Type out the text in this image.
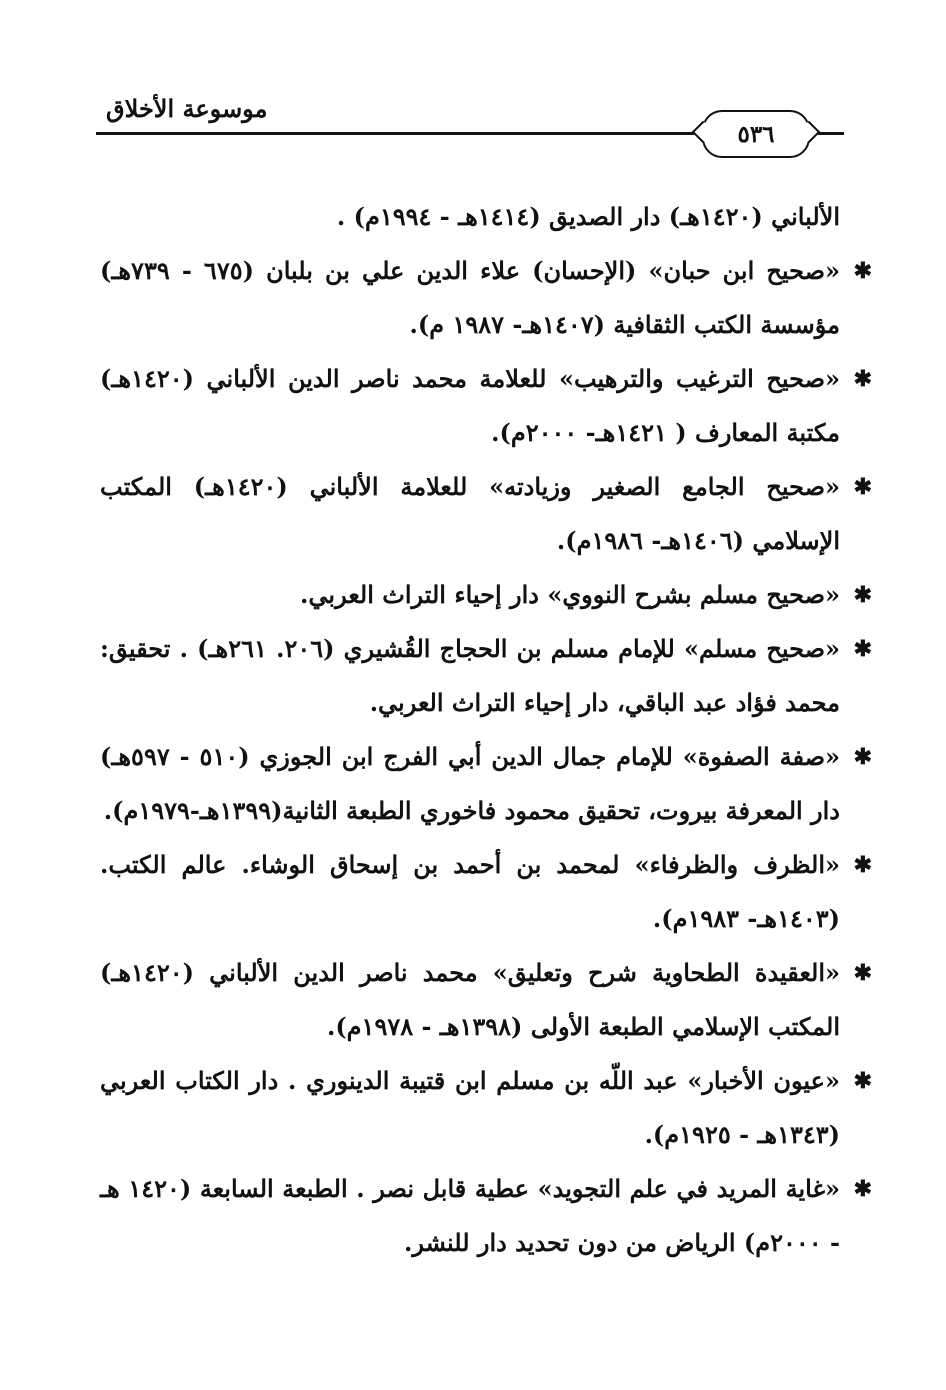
موسوعة الأخلاق
٥٣٦
الألباني (١٤٢٠هـ) دار الصديق (١٤١٤هـ - ١٩٩٤م) .
✱
«صحيح ابن حبان» (الإحسان) علاء الدين علي بن بلبان (٦٧٥ - ٧٣٩هـ) مؤسسة الكتب الثقافية (١٤٠٧هـ- ١٩٨٧ م).
✱
«صحيح الترغيب والترهيب» للعلامة محمد ناصر الدين الألباني (١٤٢٠هـ) مكتبة المعارف ( ١٤٢١هـ- ٢٠٠٠م).
✱
«صحيح الجامع الصغير وزيادته» للعلامة الألباني (١٤٢٠هـ) المكتب الإسلامي (١٤٠٦هـ- ١٩٨٦م).
✱
«صحيح مسلم بشرح النووي» دار إحياء التراث العربي.
✱
«صحيح مسلم» للإمام مسلم بن الحجاج القُشيري (٢٠٦. ٢٦١هـ) . تحقيق: محمد فؤاد عبد الباقي، دار إحياء التراث العربي.
✱
«صفة الصفوة» للإمام جمال الدين أبي الفرج ابن الجوزي (٥١٠ - ٥٩٧هـ) دار المعرفة بيروت، تحقيق محمود فاخوري الطبعة الثانية(١٣٩٩هـ-١٩٧٩م).
✱
«الظرف والظرفاء» لمحمد بن أحمد بن إسحاق الوشاء. عالم الكتب. (١٤٠٣هـ- ١٩٨٣م).
✱
«العقيدة الطحاوية شرح وتعليق» محمد ناصر الدين الألباني (١٤٢٠هـ) المكتب الإسلامي الطبعة الأولى (١٣٩٨هـ - ١٩٧٨م).
✱
«عيون الأخبار» عبد اللّه بن مسلم ابن قتيبة الدينوري . دار الكتاب العربي (١٣٤٣هـ - ١٩٢٥م).
✱
«غاية المريد في علم التجويد» عطية قابل نصر . الطبعة السابعة (١٤٢٠ هـ - ٢٠٠٠م) الرياض من دون تحديد دار للنشر.
